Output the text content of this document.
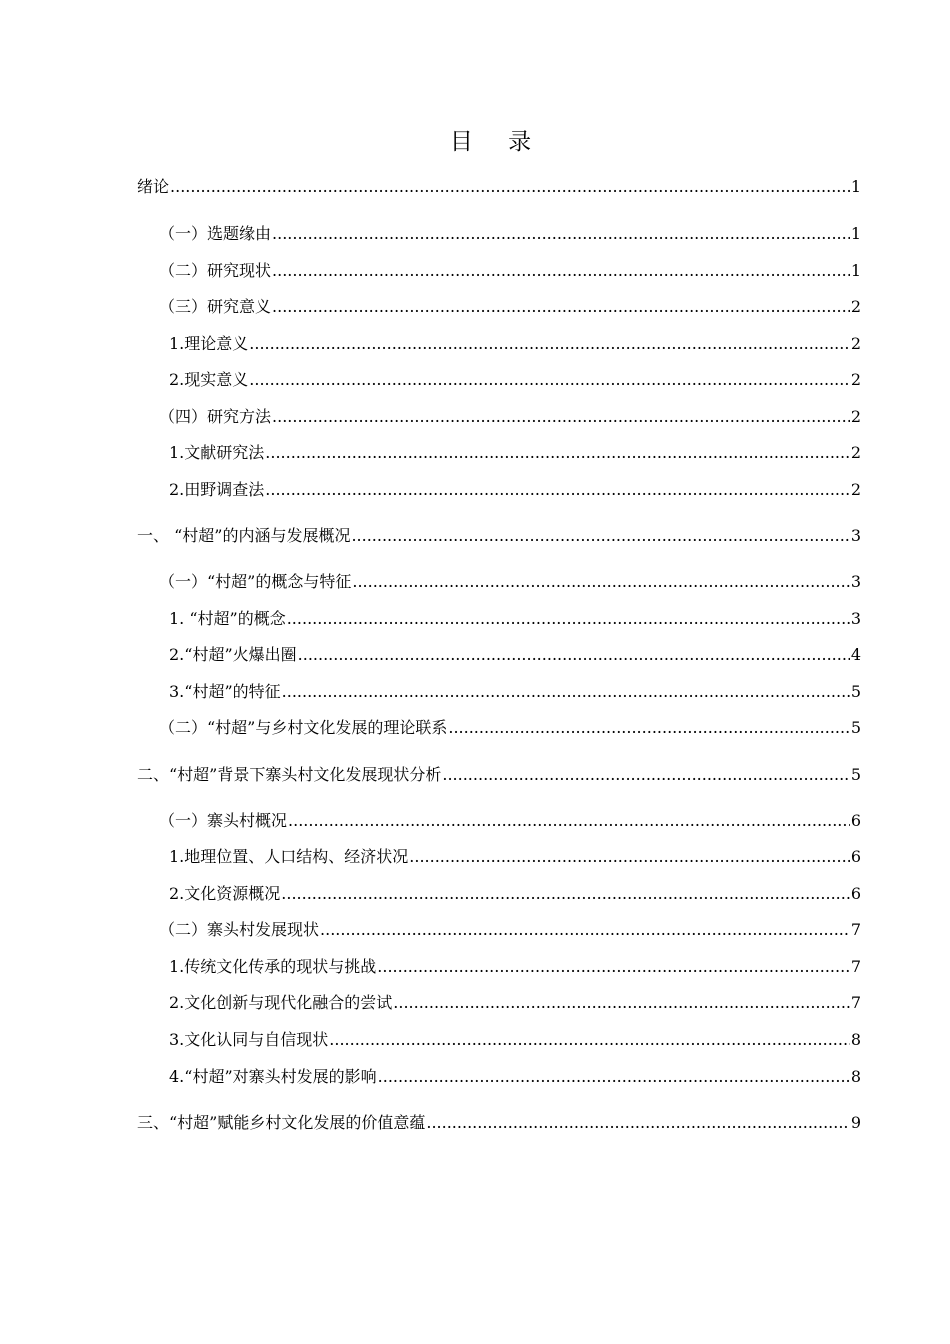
目 录
绪论 .....	1
（一）选题缘由 .....	1
（二）研究现状 .....	1
（三）研究意义 .....	2
1.理论意义 .....	2
2.现实意义 .....	2
（四）研究方法 .....	2
1.文献研究法 .....	2
2.田野调查法 .....	2
一、 “村超”的内涵与发展概况 .....	3
（一）“村超”的概念与特征 .....	3
1. “村超”的概念 .....	3
2.“村超”火爆出圈 .....	4
3.“村超”的特征 .....	5
（二）“村超”与乡村文化发展的理论联系 .....	5
二、“村超”背景下寨头村文化发展现状分析 .....	5
（一）寨头村概况 .....	6
1.地理位置、人口结构、经济状况 .....	6
2.文化资源概况 .....	6
（二）寨头村发展现状 .....	7
1.传统文化传承的现状与挑战 .....	7
2.文化创新与现代化融合的尝试 .....	7
3.文化认同与自信现状 .....	8
4.“村超”对寨头村发展的影响 .....	8
三、“村超”赋能乡村文化发展的价值意蕴 .....	9
